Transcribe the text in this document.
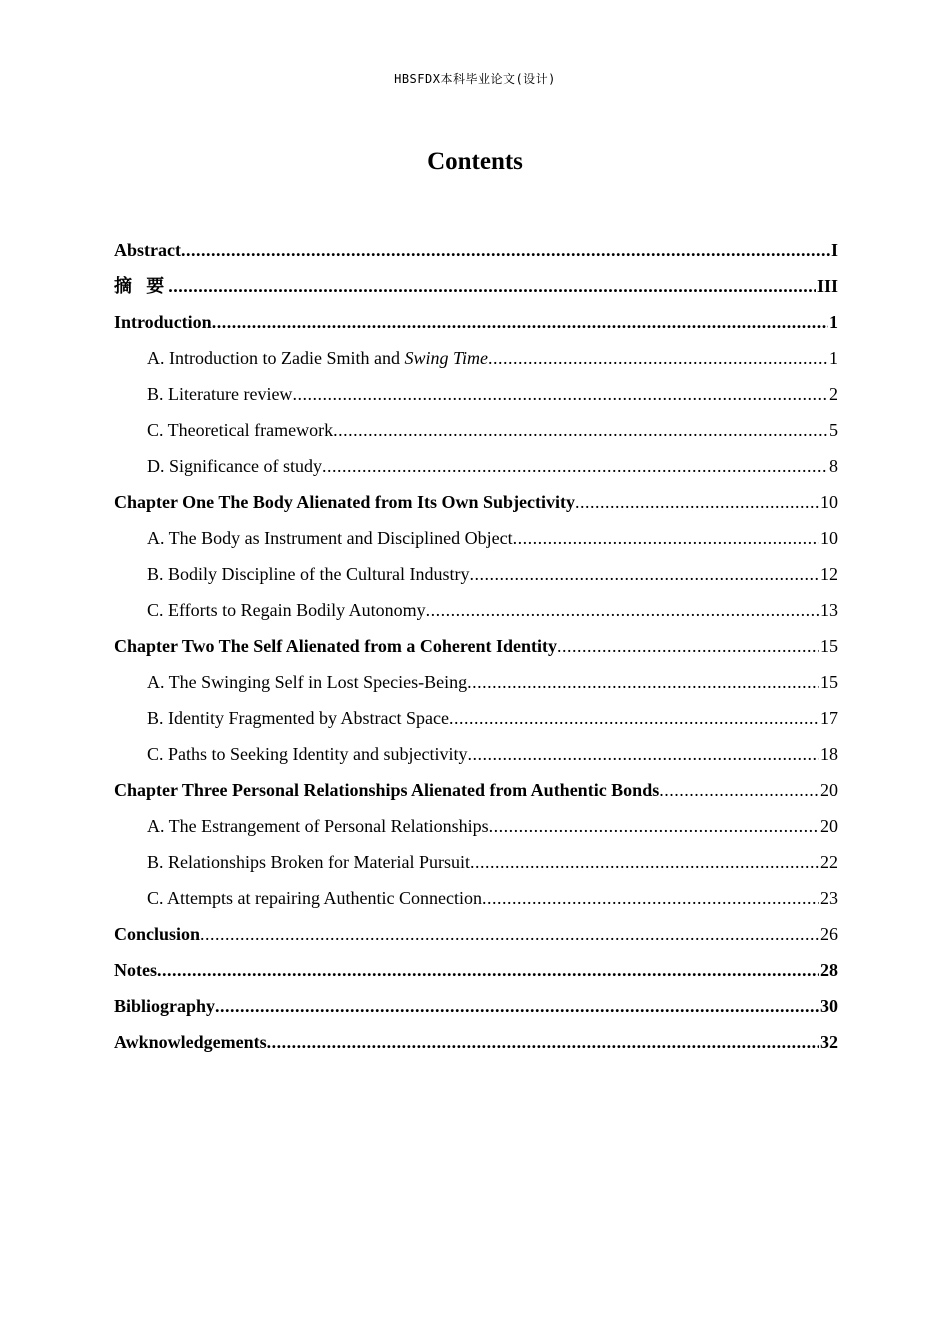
HBSFDX本科毕业论文(设计)
Contents
Abstract .....	I
摘 要 .....	III
Introduction .....	1
A. Introduction to Zadie Smith and Swing Time .....	1
B. Literature review .....	2
C. Theoretical framework .....	5
D. Significance of study .....	8
Chapter One The Body Alienated from Its Own Subjectivity .....	10
A. The Body as Instrument and Disciplined Object .....	10
B. Bodily Discipline of the Cultural Industry .....	12
C. Efforts to Regain Bodily Autonomy .....	13
Chapter Two The Self Alienated from a Coherent Identity .....	15
A. The Swinging Self in Lost Species-Being .....	15
B. Identity Fragmented by Abstract Space .....	17
C. Paths to Seeking Identity and subjectivity .....	18
Chapter Three Personal Relationships Alienated from Authentic Bonds .....	20
A. The Estrangement of Personal Relationships .....	20
B. Relationships Broken for Material Pursuit .....	22
C. Attempts at repairing Authentic Connection .....	23
Conclusion .....	26
Notes .....	28
Bibliography .....	30
Awknowledgements .....	32
